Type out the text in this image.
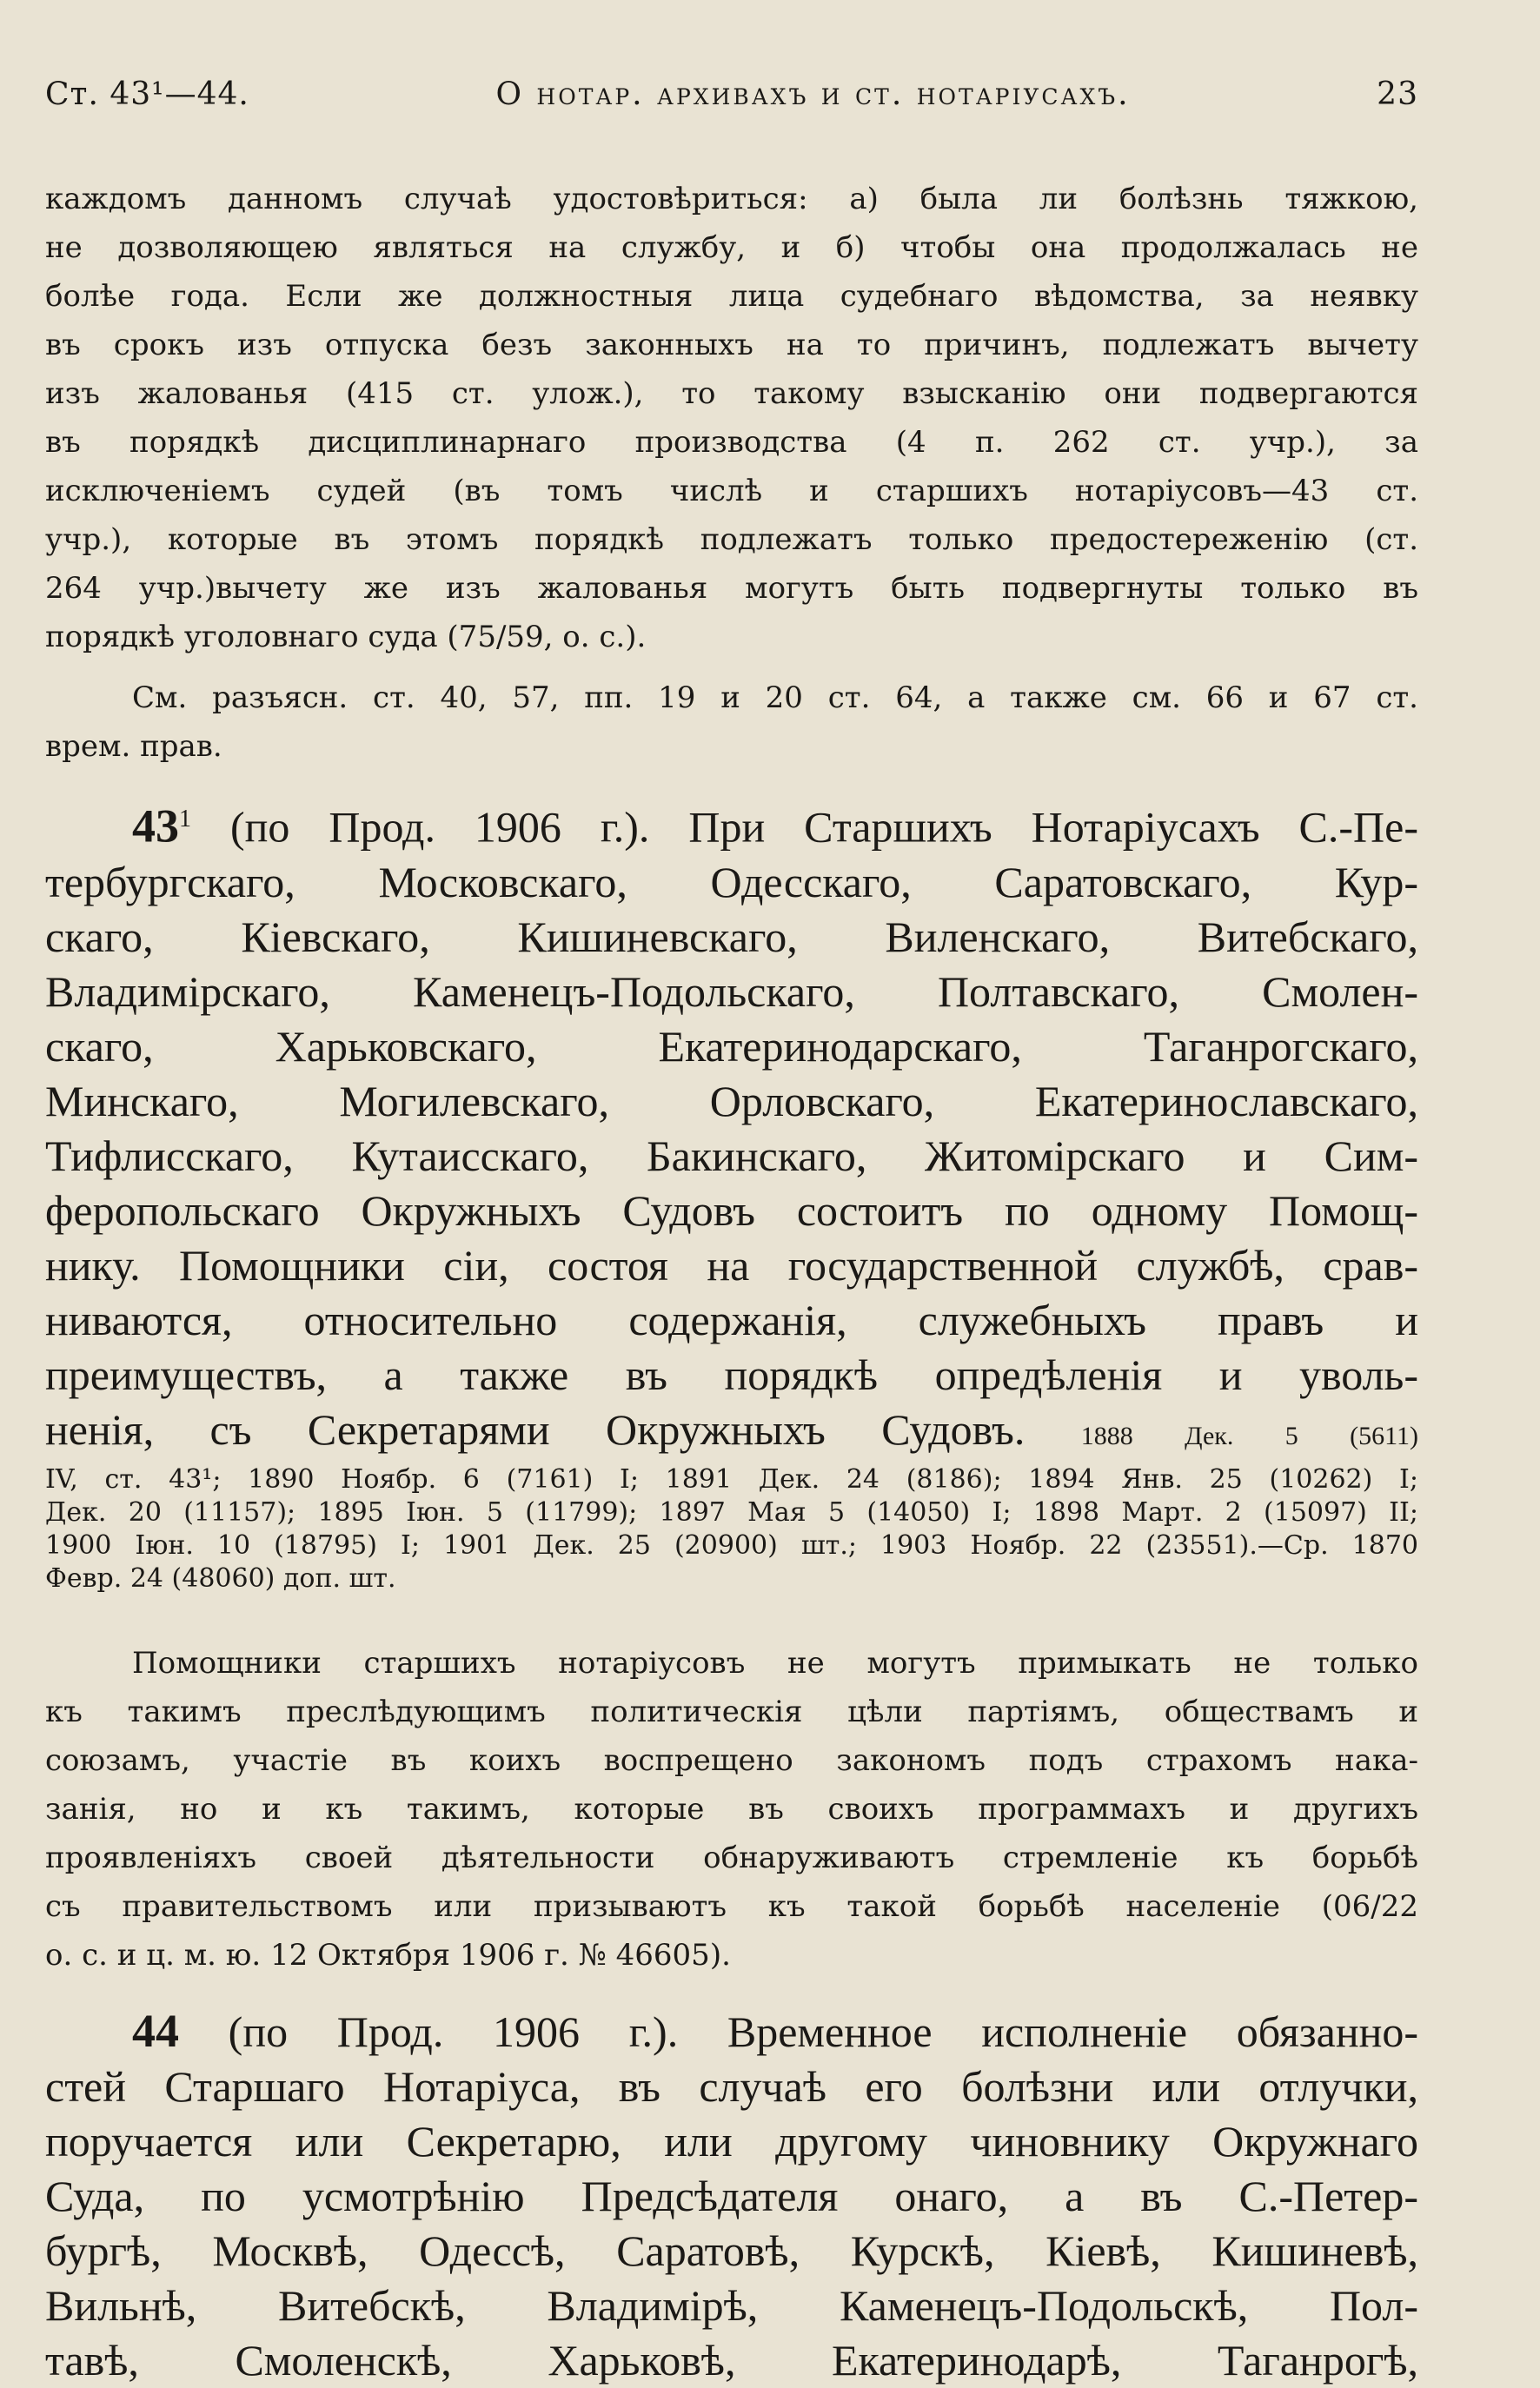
Ст. 43¹—44.	О нотар. архивахъ и ст. нотаріусахъ.	23
каждомъ данномъ случаѣ удостовѣриться: а) была ли болѣзнь тяжкою,
не дозволяющею являться на службу, и б) чтобы она продолжалась не
болѣе года. Если же должностныя лица судебнаго вѣдомства, за неявку
въ срокъ изъ отпуска безъ законныхъ на то причинъ, подлежатъ вычету
изъ жалованья (415 ст. улож.), то такому взысканію они подвергаются
въ порядкѣ дисциплинарнаго производства (4 п. 262 ст. учр.), за
исключеніемъ судей (въ томъ числѣ и старшихъ нотаріусовъ—43 ст.
учр.), которые въ этомъ порядкѣ подлежатъ только предостереженію (ст.
264 учр.)вычету же изъ жалованья могутъ быть подвергнуты только въ
порядкѣ уголовнаго суда (75/59, о. с.).
См. разъясн. ст. 40, 57, пп. 19 и 20 ст. 64, а также см. 66 и 67 ст.
врем. прав.
$43^1$ (по Прод. 1906 г.). При Старшихъ Нотаріусахъ С.-Пе-
тербургскаго, Московскаго, Одесскаго, Саратовскаго, Кур-
скаго, Кіевскаго, Кишиневскаго, Виленскаго, Витебскаго,
Владимірскаго, Каменецъ-Подольскаго, Полтавскаго, Смолен-
скаго, Харьковскаго, Екатеринодарскаго, Таганрогскаго,
Минскаго, Могилевскаго, Орловскаго, Екатеринославскаго,
Тифлисскаго, Кутаисскаго, Бакинскаго, Житомірскаго и Сим-
феропольскаго Окружныхъ Судовъ состоитъ по одному Помощ-
нику. Помощники сіи, состоя на государственной службѣ, срав-
ниваются, относительно содержанія, служебныхъ правъ и
преимуществъ, а также въ порядкѣ опредѣленія и уволь-
ненія, съ Секретарями Окружныхъ Судовъ. 1888 Дек. 5 (5611)
IV, ст. 43¹; 1890 Ноябр. 6 (7161) I; 1891 Дек. 24 (8186); 1894 Янв. 25 (10262) I;
Дек. 20 (11157); 1895 Іюн. 5 (11799); 1897 Мая 5 (14050) I; 1898 Март. 2 (15097) II;
1900 Іюн. 10 (18795) I; 1901 Дек. 25 (20900) шт.; 1903 Ноябр. 22 (23551).—Ср. 1870
Февр. 24 (48060) доп. шт.
Помощники старшихъ нотаріусовъ не могутъ примыкать не только
къ такимъ преслѣдующимъ политическія цѣли партіямъ, обществамъ и
союзамъ, участіе въ коихъ воспрещено закономъ подъ страхомъ нака-
занія, но и къ такимъ, которые въ своихъ программахъ и другихъ
проявленіяхъ своей дѣятельности обнаруживаютъ стремленіе къ борьбѣ
съ правительствомъ или призываютъ къ такой борьбѣ населеніе (06/22
о. с. и ц. м. ю. 12 Октября 1906 г. № 46605).
44 (по Прод. 1906 г.). Временное исполненіе обязанно-
стей Старшаго Нотаріуса, въ случаѣ его болѣзни или отлучки,
поручается или Секретарю, или другому чиновнику Окружнаго
Суда, по усмотрѣнію Предсѣдателя онаго, а въ С.-Петер-
бургѣ, Москвѣ, Одессѣ, Саратовѣ, Курскѣ, Кіевѣ, Кишиневѣ,
Вильнѣ, Витебскѣ, Владимірѣ, Каменецъ-Подольскѣ, Пол-
тавѣ, Смоленскѣ, Харьковѣ, Екатеринодарѣ, Таганрогѣ,
